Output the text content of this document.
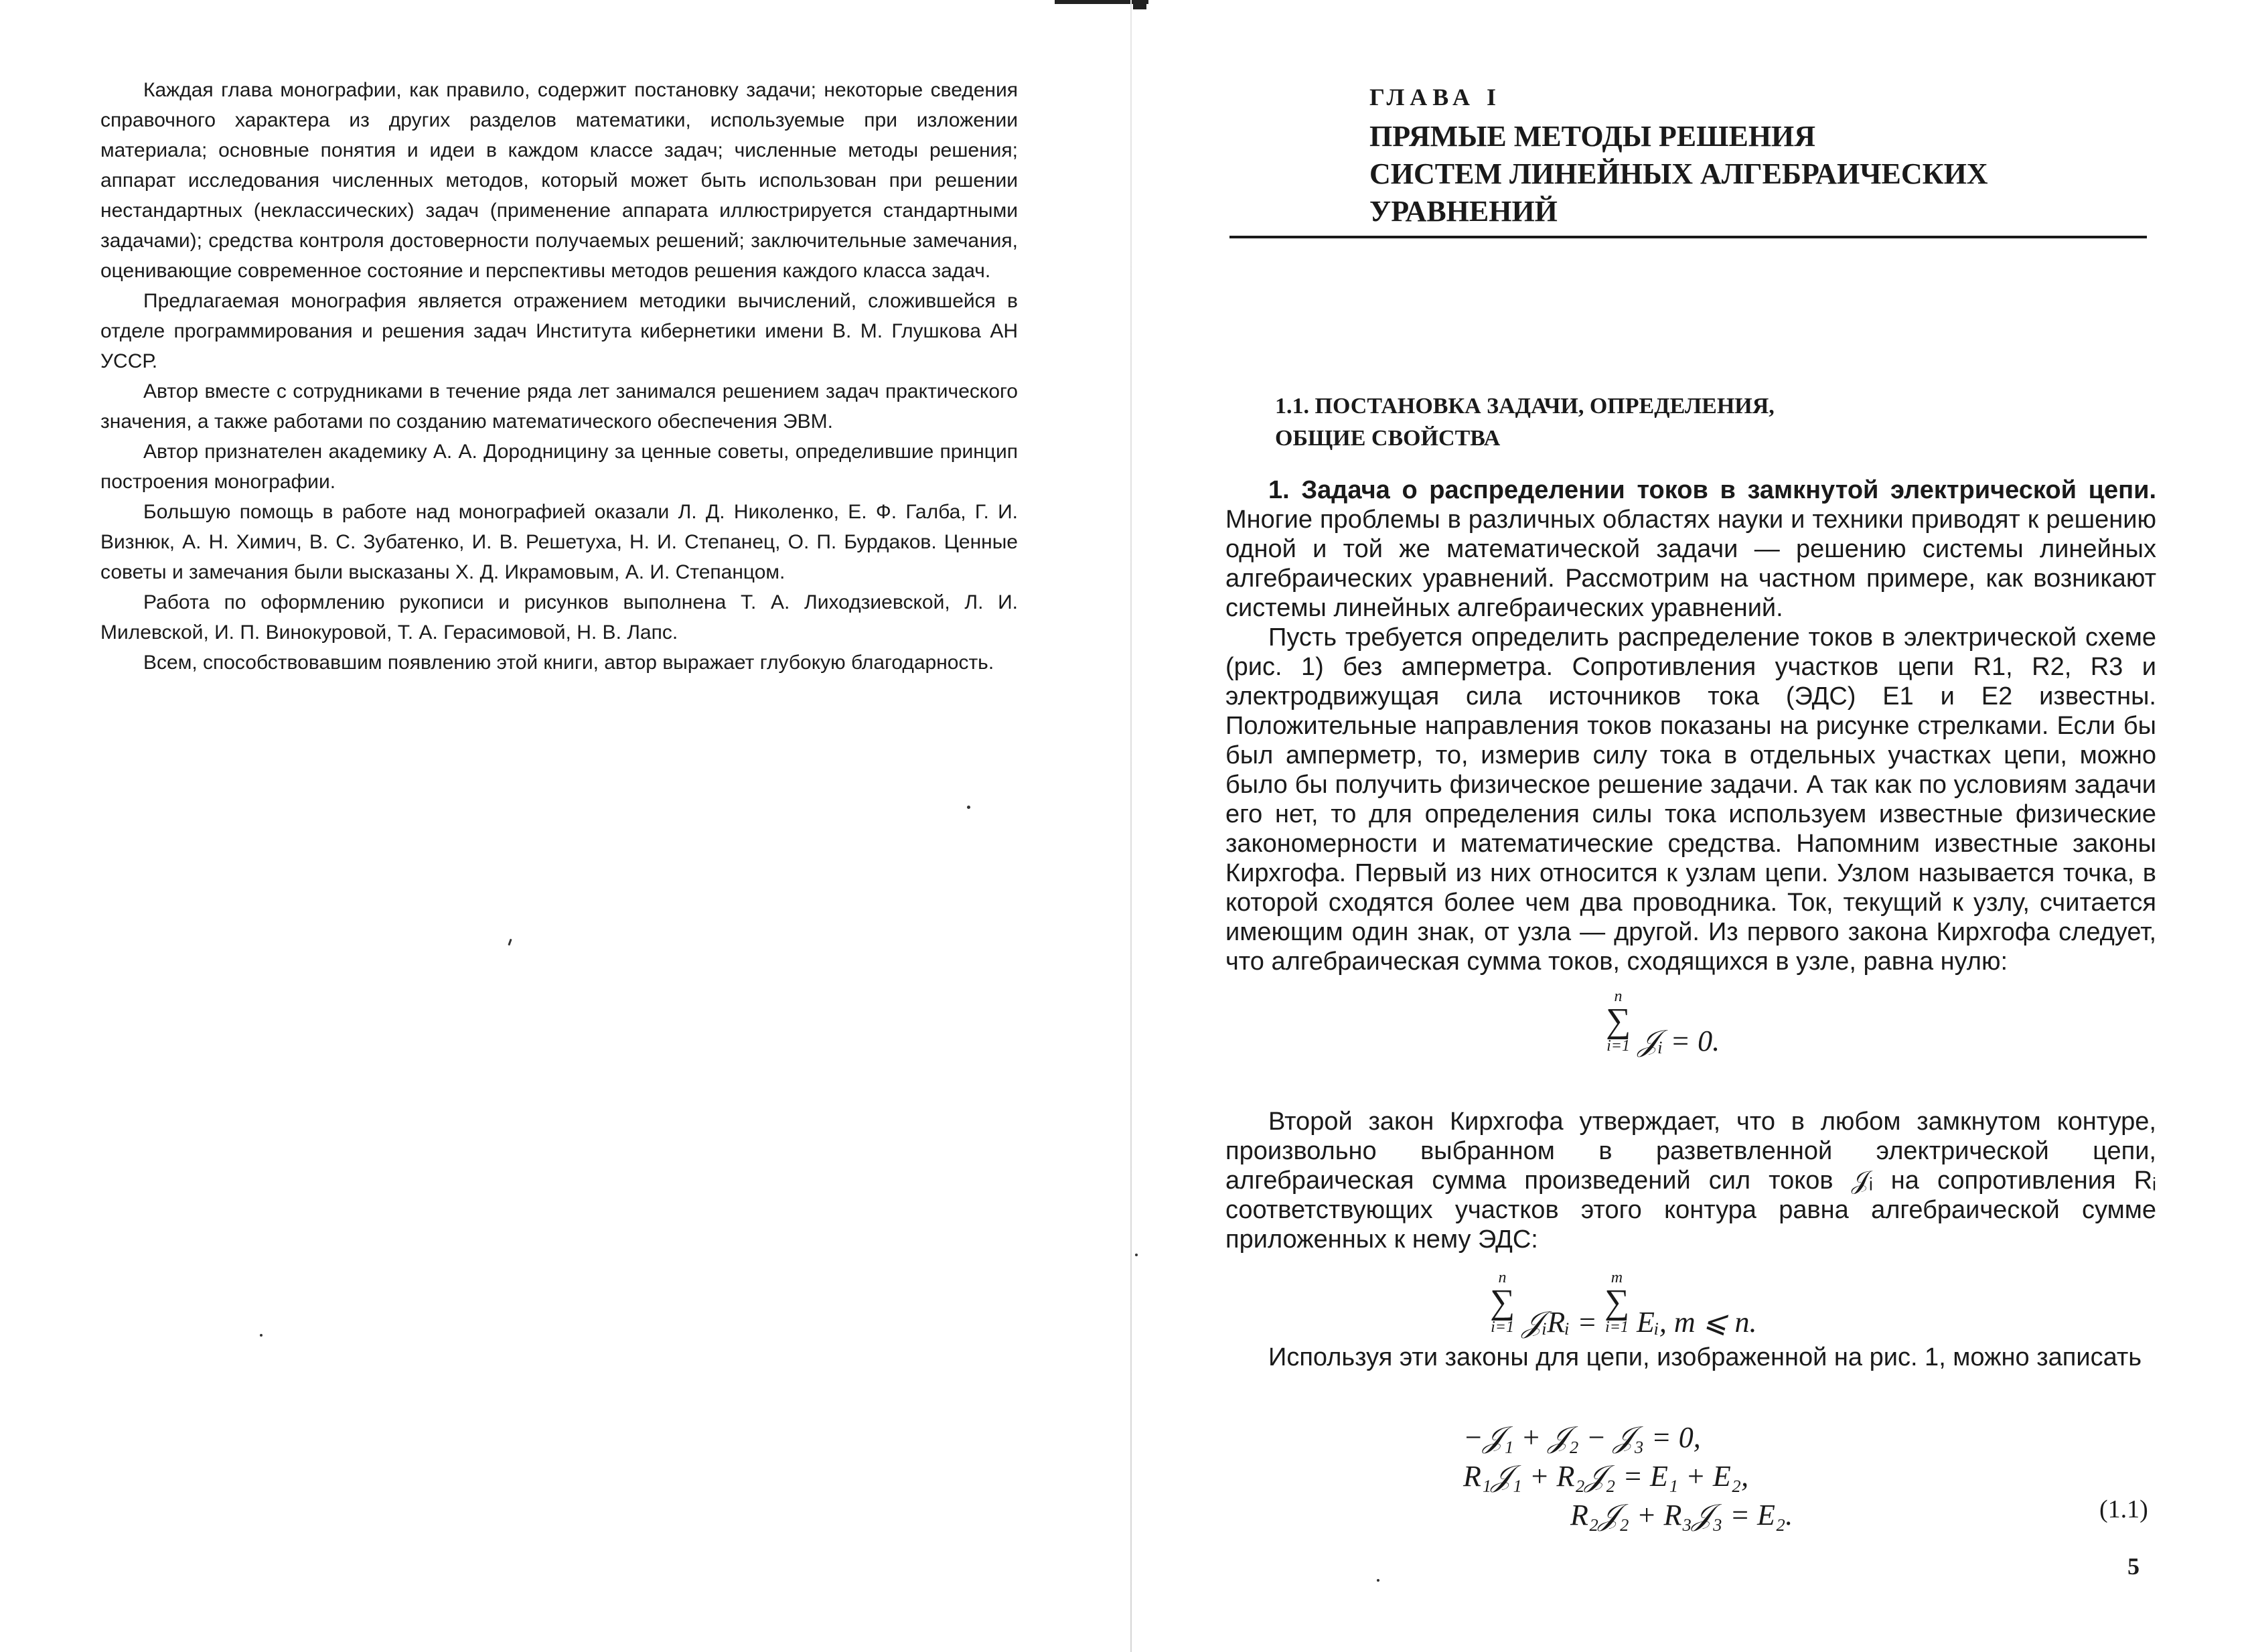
Каждая глава монографии, как правило, содержит постановку задачи; некоторые сведения справочного характера из других разделов математики, используемые при изложении материала; основные понятия и идеи в каждом классе задач; численные методы решения; аппарат исследования численных методов, который может быть использован при решении нестандартных (неклассических) задач (применение аппарата иллюстрируется стандартными задачами); средства контроля достоверности получаемых решений; заключительные замечания, оценивающие современное состояние и перспективы методов решения каждого класса задач.

Предлагаемая монография является отражением методики вычислений, сложившейся в отделе программирования и решения задач Института кибернетики имени В. М. Глушкова АН УССР.

Автор вместе с сотрудниками в течение ряда лет занимался решением задач практического значения, а также работами по созданию математического обеспечения ЭВМ.

Автор признателен академику А. А. Дородницину за ценные советы, определившие принцип построения монографии.

Большую помощь в работе над монографией оказали Л. Д. Николенко, Е. Ф. Галба, Г. И. Визнюк, А. Н. Химич, В. С. Зубатенко, И. В. Решетуха, Н. И. Степанец, О. П. Бурдаков. Ценные советы и замечания были высказаны Х. Д. Икрамовым, А. И. Степанцом.

Работа по оформлению рукописи и рисунков выполнена Т. А. Лиходзиевской, Л. И. Милевской, И. П. Винокуровой, Т. А. Герасимовой, Н. В. Лапс.

Всем, способствовавшим появлению этой книги, автор выражает глубокую благодарность.

ГЛАВА I
ПРЯМЫЕ МЕТОДЫ РЕШЕНИЯ
СИСТЕМ ЛИНЕЙНЫХ АЛГЕБРАИЧЕСКИХ
УРАВНЕНИЙ
1.1. ПОСТАНОВКА ЗАДАЧИ, ОПРЕДЕЛЕНИЯ,
ОБЩИЕ СВОЙСТВА

1. Задача о распределении токов в замкнутой электрической цепи. Многие проблемы в различных областях науки и техники приводят к решению одной и той же математической задачи — решению системы линейных алгебраических уравнений. Рассмотрим на частном примере, как возникают системы линейных алгебраических уравнений.

Пусть требуется определить распределение токов в электрической схеме (рис. 1) без амперметра. Сопротивления участков цепи R1, R2, R3 и электродвижущая сила источников тока (ЭДС) E1 и E2 известны. Положительные направления токов показаны на рисунке стрелками. Если бы был амперметр, то, измерив силу тока в отдельных участках цепи, можно было бы получить физическое решение задачи. А так как по условиям задачи его нет, то для определения силы тока используем известные физические закономерности и математические средства. Напомним известные законы Кирхгофа. Первый из них относится к узлам цепи. Узлом называется точка, в которой сходятся более чем два проводника. Ток, текущий к узлу, считается имеющим один знак, от узла — другой. Из первого закона Кирхгофа следует, что алгебраическая сумма токов, сходящихся в узле, равна нулю:

n
∑
i=1 𝒥ᵢ = 0.

Второй закон Кирхгофа утверждает, что в любом замкнутом контуре, произвольно выбранном в разветвленной электрической цепи, алгебраическая сумма произведений сил токов 𝒥ᵢ на сопротивления Rᵢ соответствующих участков этого контура равна алгебраической сумме приложенных к нему ЭДС:

n
∑
i=1 𝒥ᵢRᵢ =
m
∑
i=1 Eᵢ, m ⩽ n.

Используя эти законы для цепи, изображенной на рис. 1, можно записать

−𝒥₁ + 𝒥₂ − 𝒥₃ = 0,
R₁𝒥₁ + R₂𝒥₂ = E₁ + E₂,
R₂𝒥₂ + R₃𝒥₃ = E₂.	(1.1)
5
